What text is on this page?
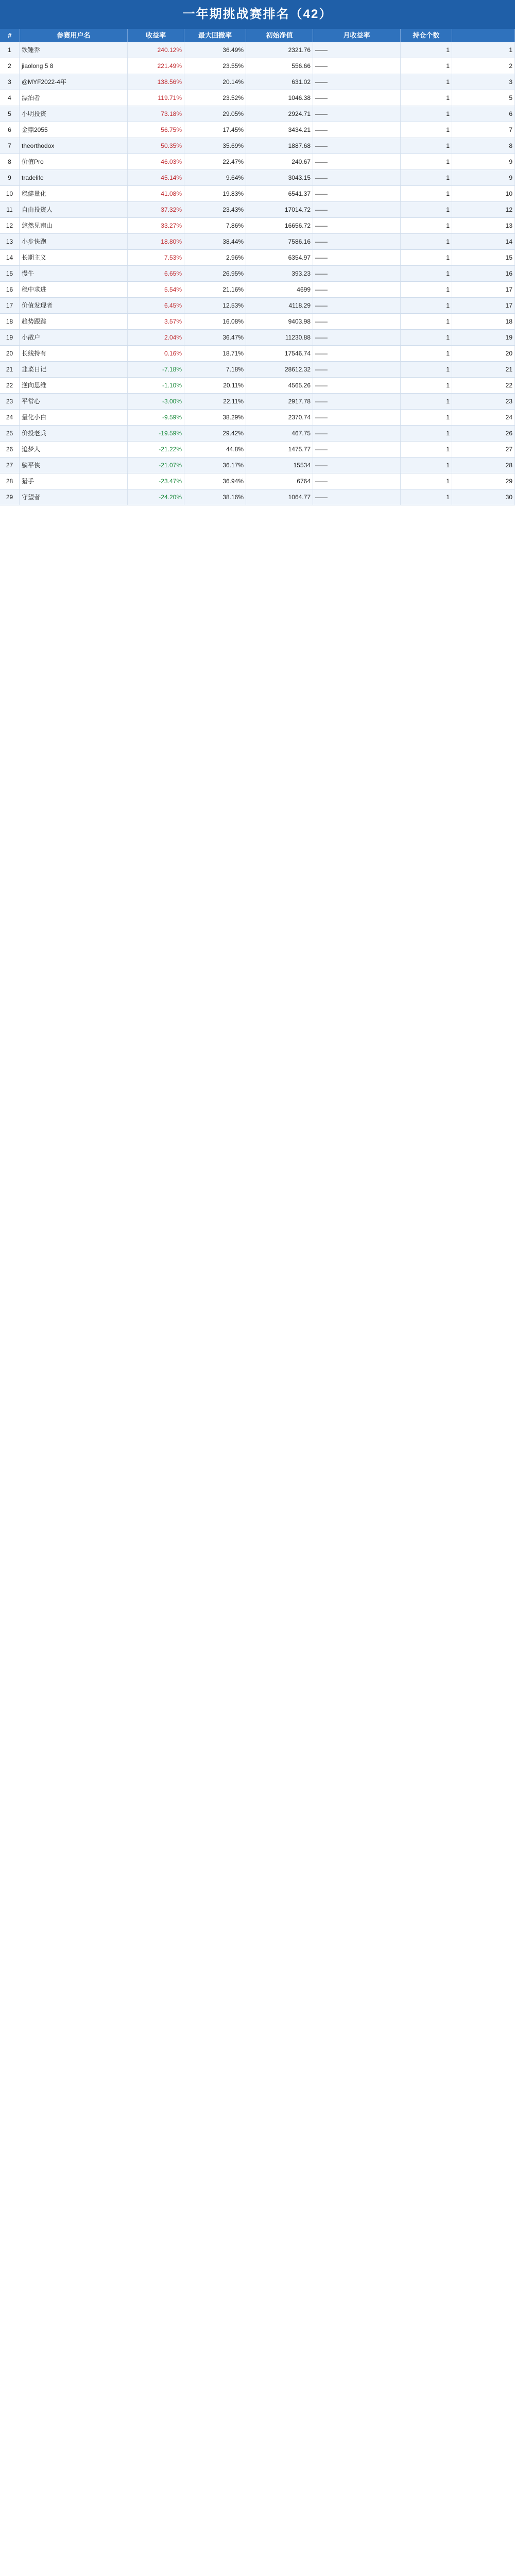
一年期挑战赛排名（42）
#	参赛用户名	收益率	最大回撤率	初始净值	月收益率	持仓个数
1	铁锤乔	240.12%	36.49%	2321.76 ——	1	1
2	jiaolong 5 8	221.49%	23.55%	556.66 ——	1	2
3	@MYF2022-4年	138.56%	20.14%	631.02 ——	1	3
4	漂泊者	119.71%	23.52%	1046.38 ——	1	5
5	小明投资	73.18%	29.05%	2924.71 ——	1	6
6	金鼎2055	56.75%	17.45%	3434.21 ——	1	7
7	theorthodox	50.35%	35.69%	1887.68 ——	1	8
8	价值Pro	46.03%	22.47%	240.67 ——	1	9
9	tradelife	45.14%	9.64%	3043.15 ——	1	9
10	稳健量化	41.08%	19.83%	6541.37 ——	1	10
11	自由投资人	37.32%	23.43%	17014.72 ——	1	12
12	悠然见南山	33.27%	7.86%	16656.72 ——	1	13
13	小步快跑	18.80%	38.44%	7586.16 ——	1	14
14	长期主义	7.53%	2.96%	6354.97 ——	1	15
15	慢牛	6.65%	26.95%	393.23 ——	1	16
16	稳中求进	5.54%	21.16%	4699 ——	1	17
17	价值发现者	6.45%	12.53%	4118.29 ——	1	17
18	趋势跟踪	3.57%	16.08%	9403.98 ——	1	18
19	小散户	2.04%	36.47%	11230.88 ——	1	19
20	长线持有	0.16%	18.71%	17546.74 ——	1	20
21	韭菜日记	-7.18%	7.18%	28612.32 ——	1	21
22	逆向思维	-1.10%	20.11%	4565.26 ——	1	22
23	平常心	-3.00%	22.11%	2917.78 ——	1	23
24	量化小白	-9.59%	38.29%	2370.74 ——	1	24
25	价投老兵	-19.59%	29.42%	467.75 ——	1	26
26	追梦人	-21.22%	44.8%	1475.77 ——	1	27
27	躺平侠	-21.07%	36.17%	15534 ——	1	28
28	猎手	-23.47%	36.94%	6764 ——	1	29
29	守望者	-24.20%	38.16%	1064.77 ——	1	30
